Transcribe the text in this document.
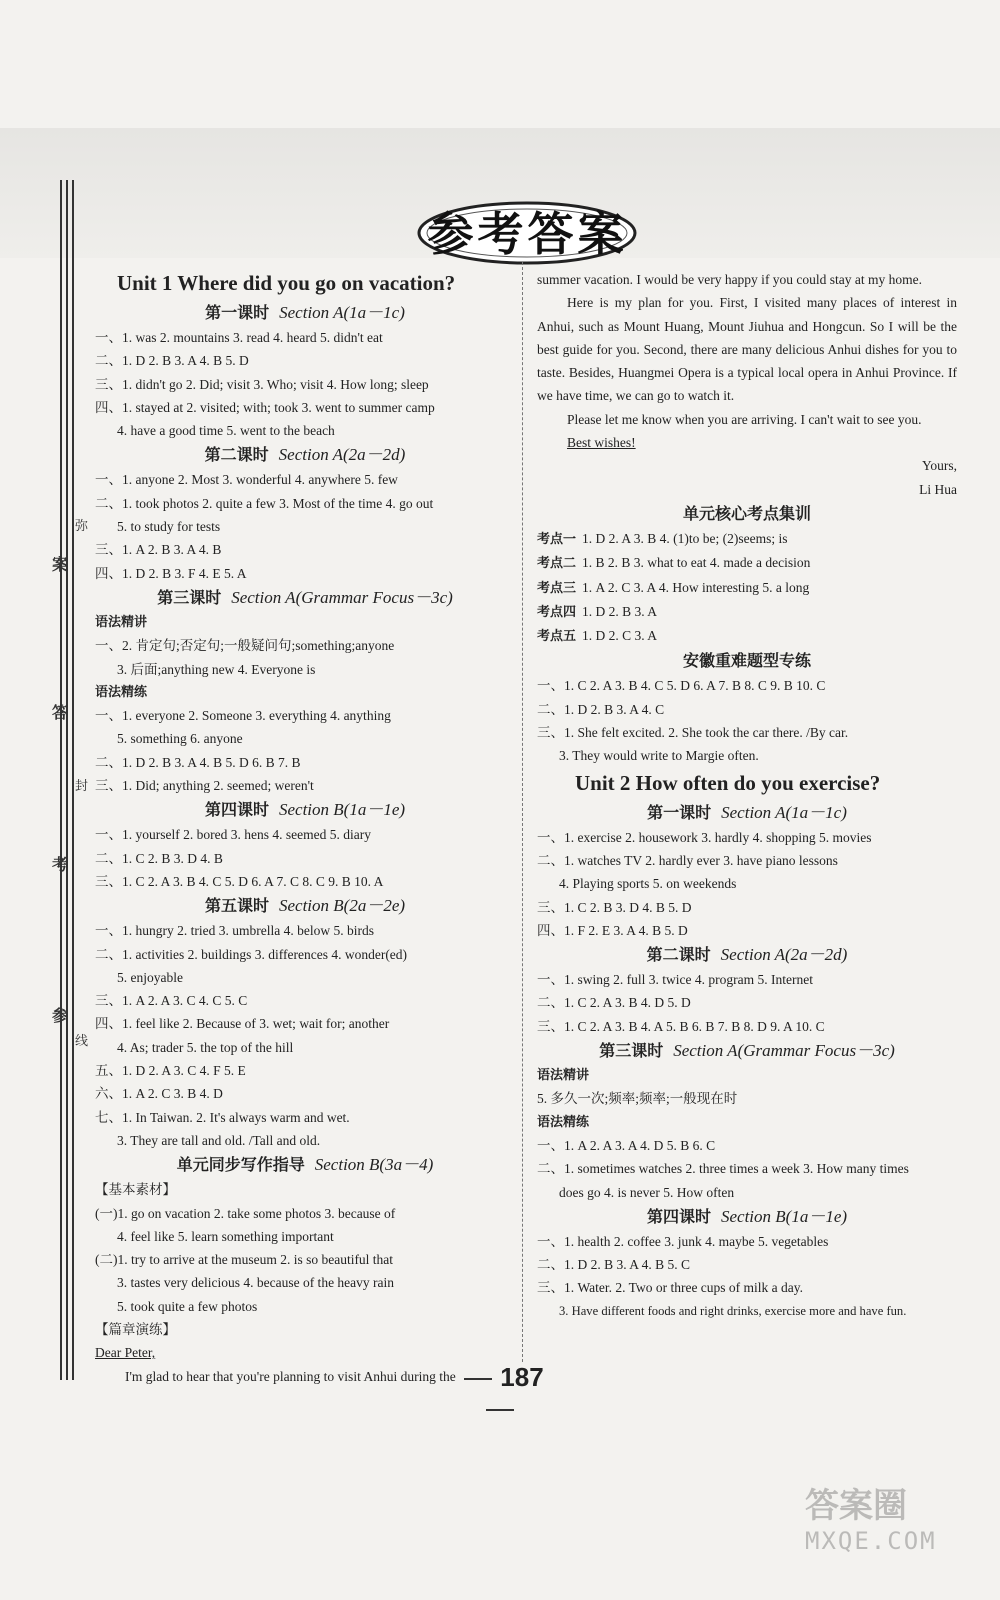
参考答案
弥
封
线
案
答
考
参
Unit 1 Where did you go on vacation?
第一课时 Section A(1a－1c)
一、1. was 2. mountains 3. read 4. heard 5. didn't eat
二、1. D 2. B 3. A 4. B 5. D
三、1. didn't go 2. Did; visit 3. Who; visit 4. How long; sleep
四、1. stayed at 2. visited; with; took 3. went to summer camp
4. have a good time 5. went to the beach
第二课时 Section A(2a－2d)
一、1. anyone 2. Most 3. wonderful 4. anywhere 5. few
二、1. took photos 2. quite a few 3. Most of the time 4. go out
5. to study for tests
三、1. A 2. B 3. A 4. B
四、1. D 2. B 3. F 4. E 5. A
第三课时 Section A(Grammar Focus－3c)
语法精讲
一、2. 肯定句;否定句;一般疑问句;something;anyone
3. 后面;anything new 4. Everyone is
语法精练
一、1. everyone 2. Someone 3. everything 4. anything
5. something 6. anyone
二、1. D 2. B 3. A 4. B 5. D 6. B 7. B
三、1. Did; anything 2. seemed; weren't
第四课时 Section B(1a－1e)
一、1. yourself 2. bored 3. hens 4. seemed 5. diary
二、1. C 2. B 3. D 4. B
三、1. C 2. A 3. B 4. C 5. D 6. A 7. C 8. C 9. B 10. A
第五课时 Section B(2a－2e)
一、1. hungry 2. tried 3. umbrella 4. below 5. birds
二、1. activities 2. buildings 3. differences 4. wonder(ed)
5. enjoyable
三、1. A 2. A 3. C 4. C 5. C
四、1. feel like 2. Because of 3. wet; wait for; another
4. As; trader 5. the top of the hill
五、1. D 2. A 3. C 4. F 5. E
六、1. A 2. C 3. B 4. D
七、1. In Taiwan. 2. It's always warm and wet.
3. They are tall and old. /Tall and old.
单元同步写作指导 Section B(3a－4)
【基本素材】
(一)1. go on vacation 2. take some photos 3. because of
4. feel like 5. learn something important
(二)1. try to arrive at the museum 2. is so beautiful that
3. tastes very delicious 4. because of the heavy rain
5. took quite a few photos
【篇章演练】
Dear Peter,
I'm glad to hear that you're planning to visit Anhui during the
summer vacation. I would be very happy if you could stay at my home.
Here is my plan for you. First, I visited many places of interest in Anhui, such as Mount Huang, Mount Jiuhua and Hongcun. So I will be the best guide for you. Second, there are many delicious Anhui dishes for you to taste. Besides, Huangmei Opera is a typical local opera in Anhui Province. If we have time, we can go to watch it.
Please let me know when you are arriving. I can't wait to see you.
Best wishes!
Yours,
Li Hua
单元核心考点集训
考点一 1. D 2. A 3. B 4. (1)to be; (2)seems; is
考点二 1. B 2. B 3. what to eat 4. made a decision
考点三 1. A 2. C 3. A 4. How interesting 5. a long
考点四 1. D 2. B 3. A
考点五 1. D 2. C 3. A
安徽重难题型专练
一、1. C 2. A 3. B 4. C 5. D 6. A 7. B 8. C 9. B 10. C
二、1. D 2. B 3. A 4. C
三、1. She felt excited. 2. She took the car there. /By car.
3. They would write to Margie often.
Unit 2 How often do you exercise?
第一课时 Section A(1a－1c)
一、1. exercise 2. housework 3. hardly 4. shopping 5. movies
二、1. watches TV 2. hardly ever 3. have piano lessons
4. Playing sports 5. on weekends
三、1. C 2. B 3. D 4. B 5. D
四、1. F 2. E 3. A 4. B 5. D
第二课时 Section A(2a－2d)
一、1. swing 2. full 3. twice 4. program 5. Internet
二、1. C 2. A 3. B 4. D 5. D
三、1. C 2. A 3. B 4. A 5. B 6. B 7. B 8. D 9. A 10. C
第三课时 Section A(Grammar Focus－3c)
语法精讲
5. 多久一次;频率;频率;一般现在时
语法精练
一、1. A 2. A 3. A 4. D 5. B 6. C
二、1. sometimes watches 2. three times a week 3. How many times
does go 4. is never 5. How often
第四课时 Section B(1a－1e)
一、1. health 2. coffee 3. junk 4. maybe 5. vegetables
二、1. D 2. B 3. A 4. B 5. C
三、1. Water. 2. Two or three cups of milk a day.
3. Have different foods and right drinks, exercise more and have fun.
187
答案圈
MXQE.COM
